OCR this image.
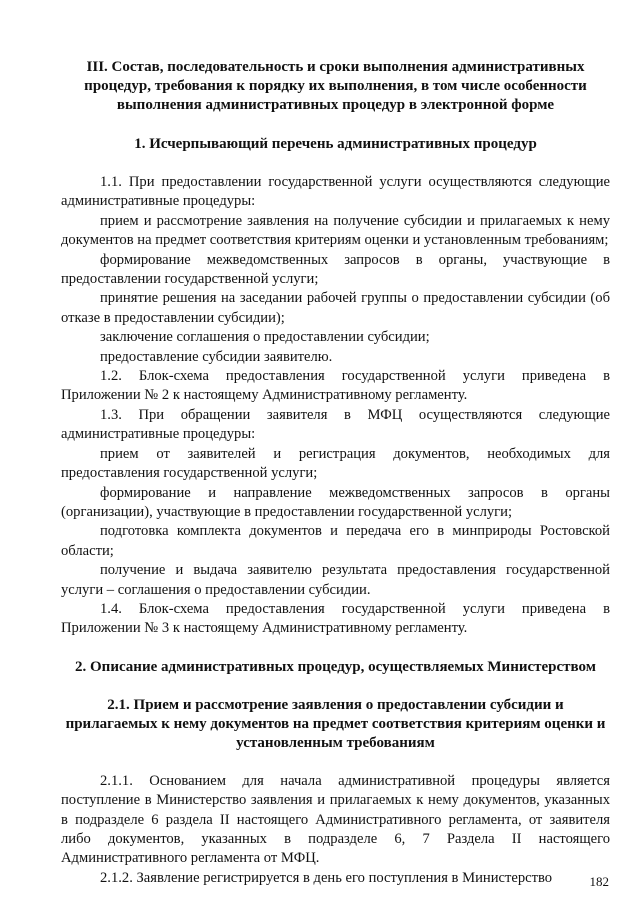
III. Состав, последовательность и сроки выполнения административных процедур, требования к порядку их выполнения, в том числе особенности выполнения административных процедур в электронной форме

1. Исчерпывающий перечень административных процедур

1.1. При предоставлении государственной услуги осуществляются следующие административные процедуры:

прием и рассмотрение заявления на получение субсидии и прилагаемых к нему документов на предмет соответствия критериям оценки и установленным требованиям;

формирование межведомственных запросов в органы, участвующие в предоставлении государственной услуги;

принятие решения на заседании рабочей группы о предоставлении субсидии (об отказе в предоставлении субсидии);

заключение соглашения о предоставлении субсидии;

предоставление субсидии заявителю.

1.2. Блок-схема предоставления государственной услуги приведена в Приложении № 2 к настоящему Административному регламенту.

1.3. При обращении заявителя в МФЦ осуществляются следующие административные процедуры:

прием от заявителей и регистрация документов, необходимых для предоставления государственной услуги;

формирование и направление межведомственных запросов в органы (организации), участвующие в предоставлении государственной услуги;

подготовка комплекта документов и передача его в минприроды Ростовской области;

получение и выдача заявителю результата предоставления государственной услуги – соглашения о предоставлении субсидии.

1.4. Блок-схема предоставления государственной услуги приведена в Приложении № 3 к настоящему Административному регламенту.

2. Описание административных процедур, осуществляемых Министерством

2.1. Прием и рассмотрение заявления о предоставлении субсидии и прилагаемых к нему документов на предмет соответствия критериям оценки и установленным требованиям

2.1.1. Основанием для начала административной процедуры является поступление в Министерство заявления и прилагаемых к нему документов, указанных в подразделе 6 раздела II настоящего Административного регламента, от заявителя либо документов, указанных в подразделе 6, 7 Раздела II настоящего Административного регламента от МФЦ.

2.1.2. Заявление регистрируется в день его поступления в Министерство	182
